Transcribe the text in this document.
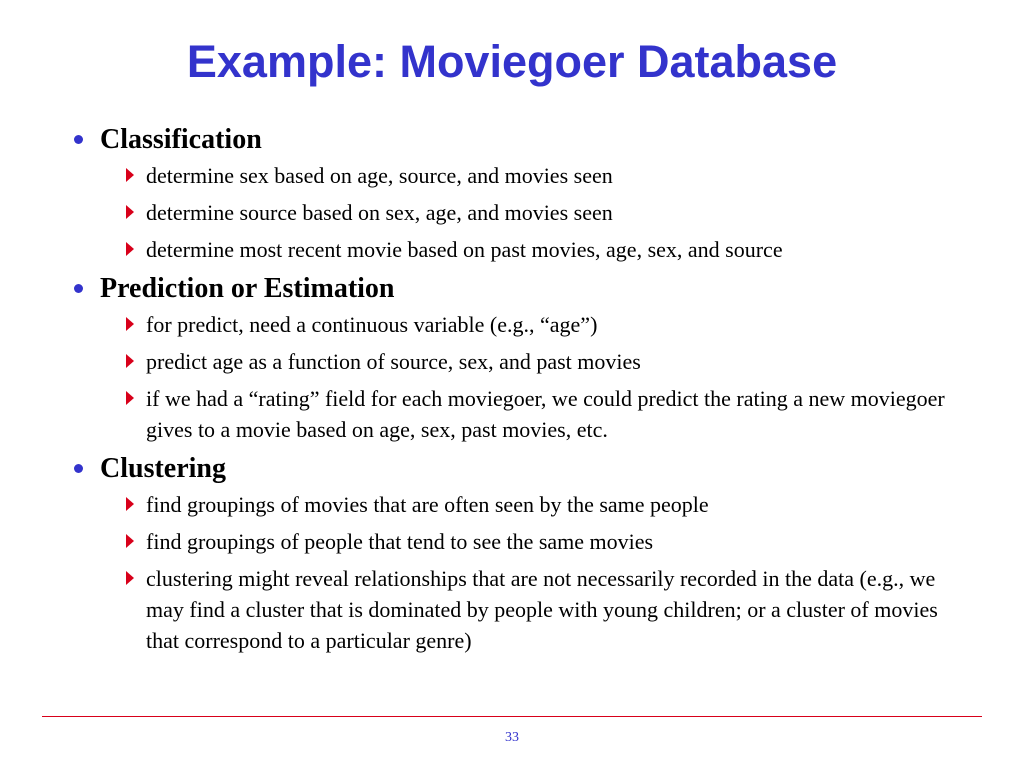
Example: Moviegoer Database
Classification
determine sex based on age, source, and movies seen
determine source based on sex, age, and movies seen
determine most recent movie based on past movies, age, sex, and source
Prediction or Estimation
for predict, need a continuous variable (e.g., “age”)
predict age as a function of source, sex, and past movies
if we had a “rating” field for each moviegoer, we could predict the rating a new moviegoer gives to a movie based on age, sex, past movies, etc.
Clustering
find groupings of movies that are often seen by the same people
find groupings of people that tend to see the same movies
clustering might reveal relationships that are not necessarily recorded in the data (e.g., we may find a cluster that is dominated by people with young children; or a cluster of movies that correspond to a particular genre)
33
